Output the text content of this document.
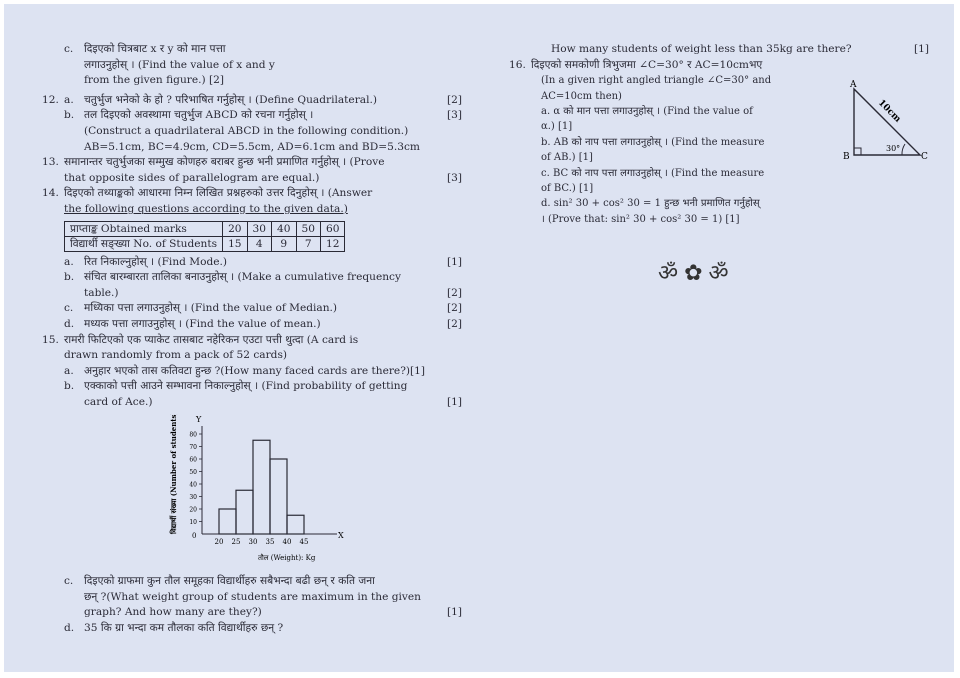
c.	दिइएको चित्रबाट x र y को मान पत्ता
लगाउनुहोस् । (Find the value of x and y
from the given figure.) [2]
12. a. चतुर्भुज भनेको के हो ? परिभाषित गर्नुहोस् । (Define Quadrilateral.)	[2]
b. तल दिइएको अवस्थामा चतुर्भुज ABCD को रचना गर्नुहोस् ।	[3]
(Construct a quadrilateral ABCD in the following condition.)
AB=5.1cm, BC=4.9cm, CD=5.5cm, AD=6.1cm and BD=5.3cm
13. समानान्तर चतुर्भुजका सम्मुख कोणहरु बराबर हुन्छ भनी प्रमाणित गर्नुहोस् । (Prove
that opposite sides of parallelogram are equal.)	[3]
14. दिइएको तथ्याङ्कको आधारमा निम्न लिखित प्रश्नहरुको उत्तर दिनुहोस् । (Answer
the following questions according to the given data.)
प्राप्ताङ्क Obtained marks	20	30	40	50	60
विद्यार्थी सङ्ख्या No. of Students	15	4	9	7	12
a. रित निकाल्नुहोस् । (Find Mode.)	[1]
b. संचित बारम्बारता तालिका बनाउनुहोस् । (Make a cumulative frequency
table.)	[2]
c.	मध्यिका पत्ता लगाउनुहोस् । (Find the value of Median.)	[2]
d. मध्यक पत्ता लगाउनुहोस् । (Find the value of mean.)	[2]
15. रामरी फिटिएको एक प्याकेट तासबाट नहेरिकन एउटा पत्ती थुत्दा (A card is
drawn randomly from a pack of 52 cards)
a. अनुहार भएको तास कतिवटा हुन्छ ?(How many faced cards are there?)[1]
b. एक्काको पत्ती आउने सम्भावना निकाल्नुहोस् । (Find probability of getting
card of Ace.)	[1]
Y
X
0
तौल (Weight): Kg
विद्यार्थी संख्या (Number of students) 10
20
30
40
50
60
70
80
20 25 30 35 40 45
c.	दिइएको ग्राफमा कुन तौल समूहका विद्यार्थीहरु सबैभन्दा बढी छन् र कति जना
छन् ?(What weight group of students are maximum in the given
graph? And how many are they?)	[1]
d. 35 कि ग्रा भन्दा कम तौलका कति विद्यार्थीहरु छन् ?
How many students of weight less than 35kg are there?	[1]
16. दिइएको समकोणी त्रिभुजमा ∠C=30° र AC=10cmभए
(In a given right angled triangle ∠C=30° and
AC=10cm then)
a. α को मान पत्ता लगाउनुहोस् । (Find the value of
α.) [1]
b. AB को नाप पत्ता लगाउनुहोस् । (Find the measure
of AB.) [1]
c. BC को नाप पत्ता लगाउनुहोस् । (Find the measure
of BC.) [1]
d. sin² 30 + cos² 30 = 1 हुन्छ भनी प्रमाणित गर्नुहोस्
। (Prove that: sin² 30 + cos² 30 = 1) [1]
A
B	C
30°
10cm
ॐ✿ॐ
